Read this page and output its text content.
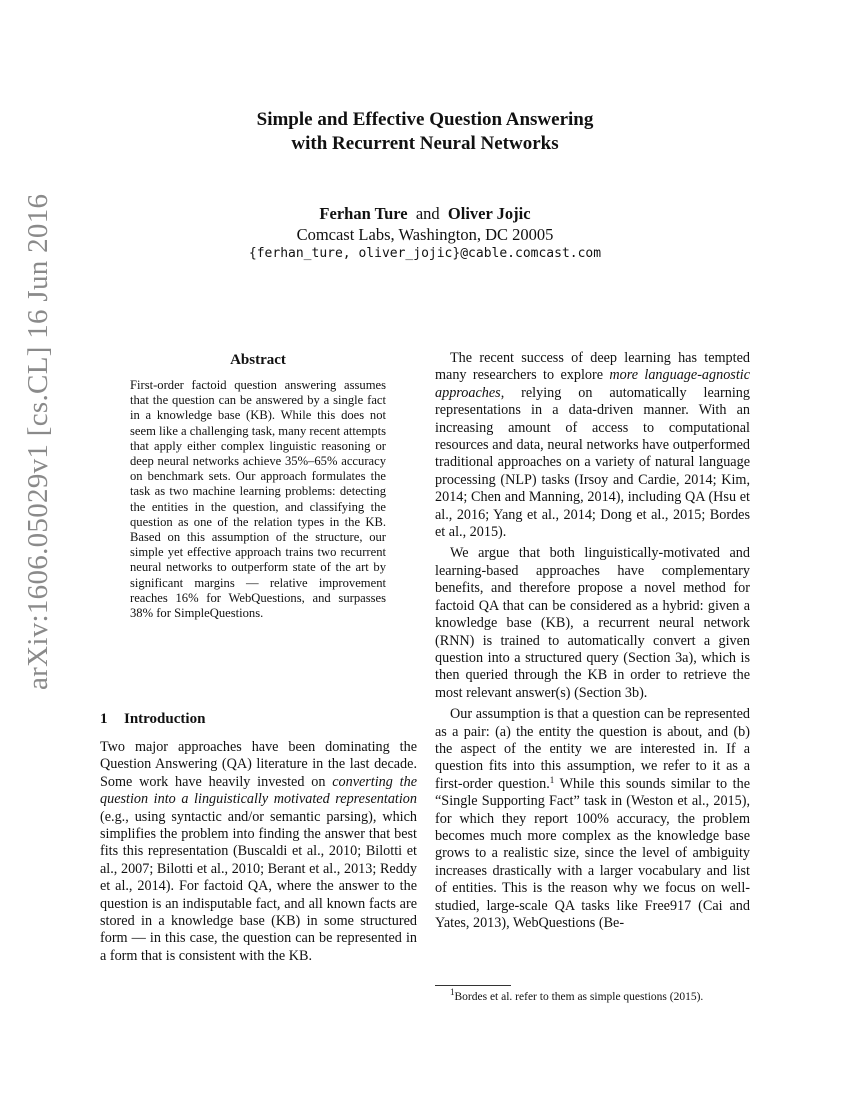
Simple and Effective Question Answering
with Recurrent Neural Networks
Ferhan Ture and Oliver Jojic
Comcast Labs, Washington, DC 20005
{ferhan_ture, oliver_jojic}@cable.comcast.com
arXiv:1606.05029v1 [cs.CL] 16 Jun 2016	Abstract

First-order factoid question answering assumes that the question can be answered by a single fact in a knowledge base (KB). While this does not seem like a challenging task, many recent attempts that apply either complex linguistic reasoning or deep neural networks achieve 35%–65% accuracy on benchmark sets. Our approach formulates the task as two machine learning problems: detecting the entities in the question, and classifying the question as one of the relation types in the KB. Based on this assumption of the structure, our simple yet effective approach trains two recurrent neural networks to outperform state of the art by significant margins — relative improvement reaches 16% for WebQuestions, and surpasses 38% for SimpleQuestions.

1 Introduction

Two major approaches have been dominating the Question Answering (QA) literature in the last decade. Some work have heavily invested on converting the question into a linguistically motivated representation (e.g., using syntactic and/or semantic parsing), which simplifies the problem into finding the answer that best fits this representation (Buscaldi et al., 2010; Bilotti et al., 2007; Bilotti et al., 2010; Berant et al., 2013; Reddy et al., 2014). For factoid QA, where the answer to the question is an indisputable fact, and all known facts are stored in a knowledge base (KB) in some structured form — in this case, the question can be represented in a form that is consistent with the KB.

The recent success of deep learning has tempted many researchers to explore more language-agnostic approaches, relying on automatically learning representations in a data-driven manner. With an increasing amount of access to computational resources and data, neural networks have outperformed traditional approaches on a variety of natural language processing (NLP) tasks (Irsoy and Cardie, 2014; Kim, 2014; Chen and Manning, 2014), including QA (Hsu et al., 2016; Yang et al., 2014; Dong et al., 2015; Bordes et al., 2015).

We argue that both linguistically-motivated and learning-based approaches have complementary benefits, and therefore propose a novel method for factoid QA that can be considered as a hybrid: given a knowledge base (KB), a recurrent neural network (RNN) is trained to automatically convert a given question into a structured query (Section 3a), which is then queried through the KB in order to retrieve the most relevant answer(s) (Section 3b).

Our assumption is that a question can be represented as a pair: (a) the entity the question is about, and (b) the aspect of the entity we are interested in. If a question fits into this assumption, we refer to it as a first-order question.$^1$ While this sounds similar to the “Single Supporting Fact” task in (Weston et al., 2015), for which they report 100% accuracy, the problem becomes much more complex as the knowledge base grows to a realistic size, since the level of ambiguity increases drastically with a larger vocabulary and list of entities. This is the reason why we focus on well-studied, large-scale QA tasks like Free917 (Cai and Yates, 2013), WebQuestions (Be-

$^1$Bordes et al. refer to them as simple questions (2015).
